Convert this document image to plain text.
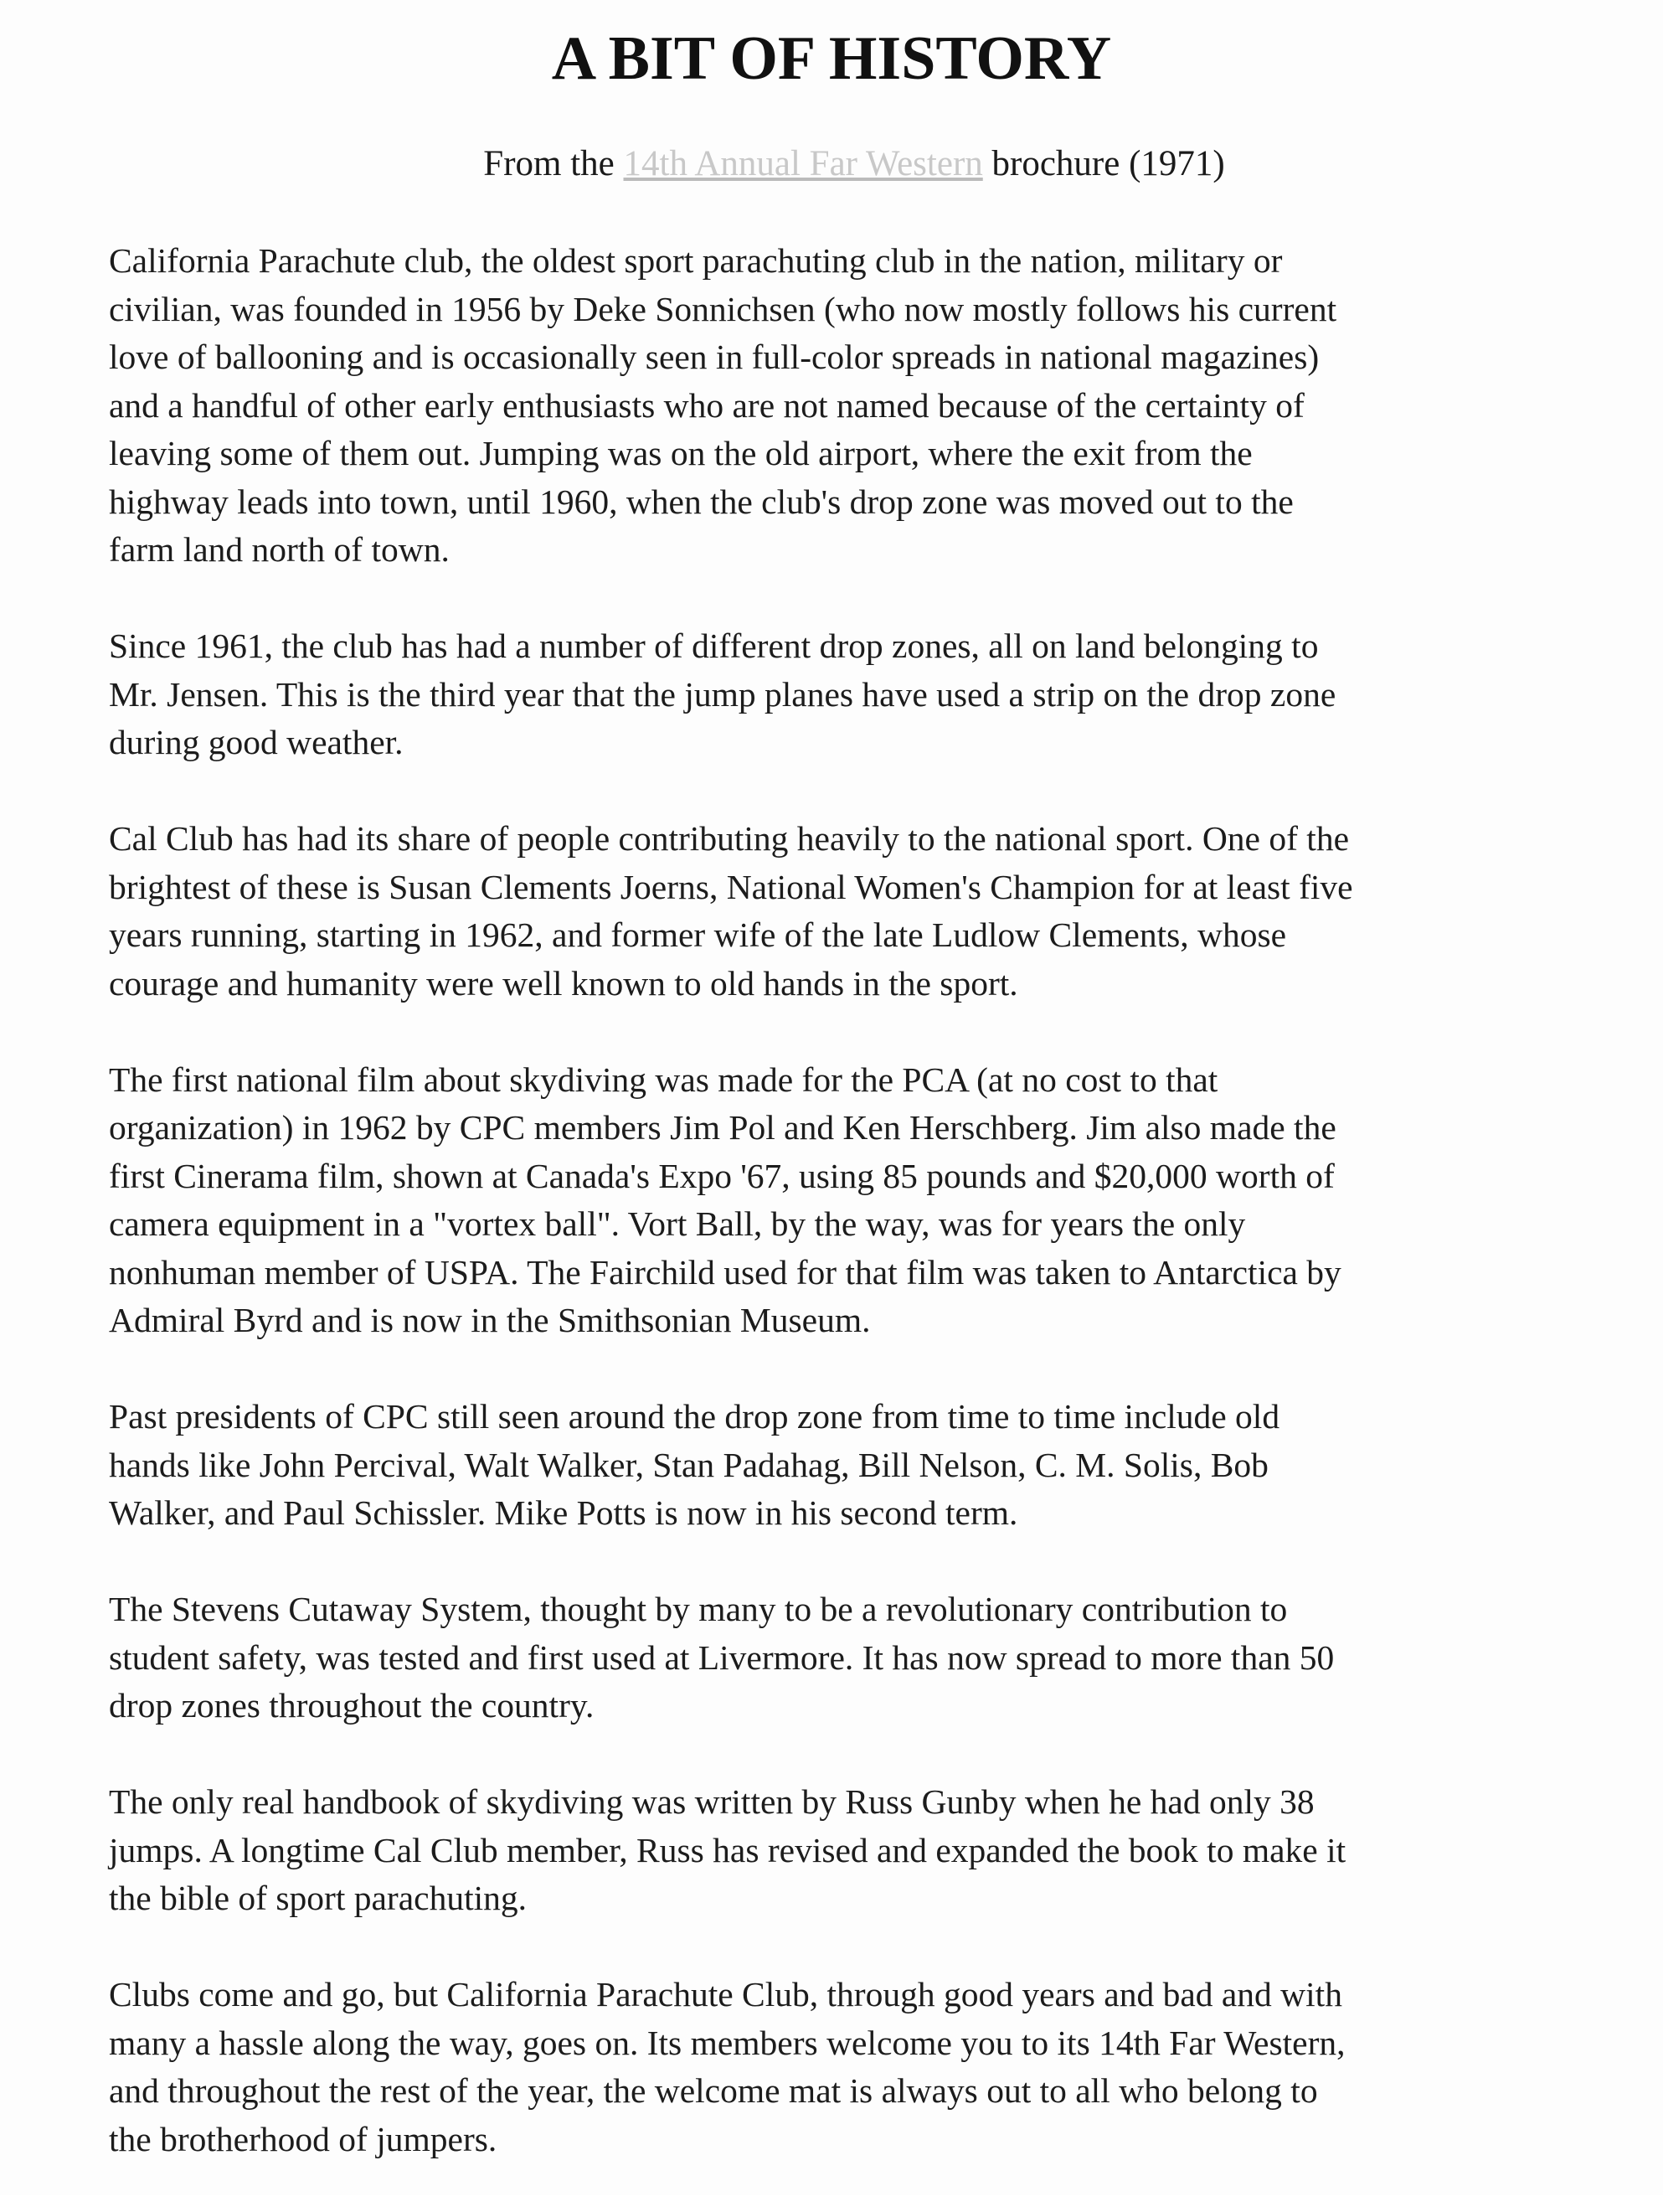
A BIT OF HISTORY
From the 14th Annual Far Western brochure (1971)
California Parachute club, the oldest sport parachuting club in the nation, military or
civilian, was founded in 1956 by Deke Sonnichsen (who now mostly follows his current
love of ballooning and is occasionally seen in full-color spreads in national magazines)
and a handful of other early enthusiasts who are not named because of the certainty of
leaving some of them out. Jumping was on the old airport, where the exit from the
highway leads into town, until 1960, when the club's drop zone was moved out to the
farm land north of town.
Since 1961, the club has had a number of different drop zones, all on land belonging to
Mr. Jensen. This is the third year that the jump planes have used a strip on the drop zone
during good weather.
Cal Club has had its share of people contributing heavily to the national sport. One of the
brightest of these is Susan Clements Joerns, National Women's Champion for at least five
years running, starting in 1962, and former wife of the late Ludlow Clements, whose
courage and humanity were well known to old hands in the sport.
The first national film about skydiving was made for the PCA (at no cost to that
organization) in 1962 by CPC members Jim Pol and Ken Herschberg. Jim also made the
first Cinerama film, shown at Canada's Expo '67, using 85 pounds and $20,000 worth of
camera equipment in a "vortex ball". Vort Ball, by the way, was for years the only
nonhuman member of USPA. The Fairchild used for that film was taken to Antarctica by
Admiral Byrd and is now in the Smithsonian Museum.
Past presidents of CPC still seen around the drop zone from time to time include old
hands like John Percival, Walt Walker, Stan Padahag, Bill Nelson, C. M. Solis, Bob
Walker, and Paul Schissler. Mike Potts is now in his second term.
The Stevens Cutaway System, thought by many to be a revolutionary contribution to
student safety, was tested and first used at Livermore. It has now spread to more than 50
drop zones throughout the country.
The only real handbook of skydiving was written by Russ Gunby when he had only 38
jumps. A longtime Cal Club member, Russ has revised and expanded the book to make it
the bible of sport parachuting.
Clubs come and go, but California Parachute Club, through good years and bad and with
many a hassle along the way, goes on. Its members welcome you to its 14th Far Western,
and throughout the rest of the year, the welcome mat is always out to all who belong to
the brotherhood of jumpers.
